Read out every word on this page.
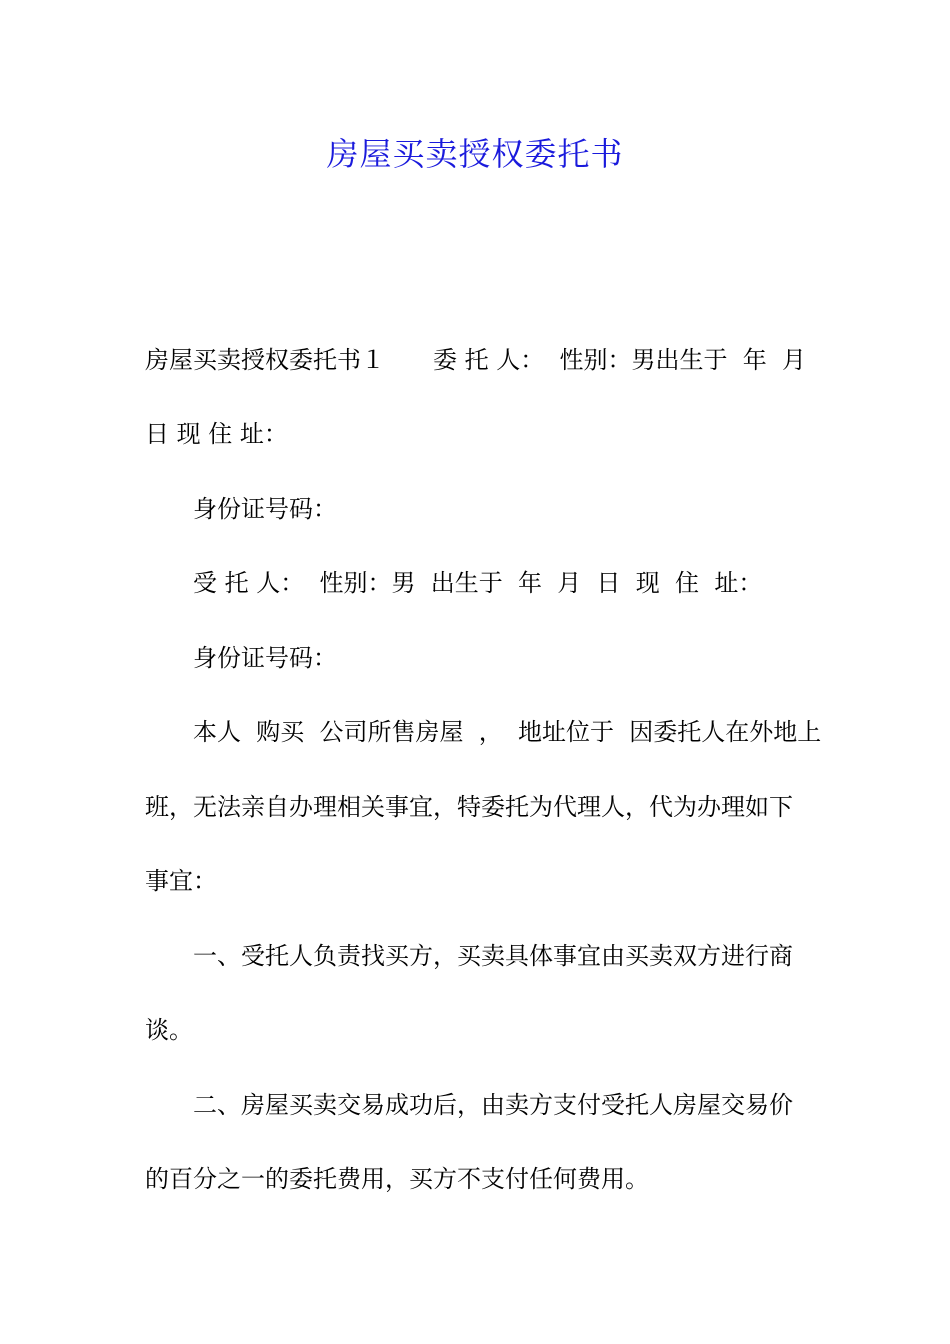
房屋买卖授权委托书
房屋买卖授权委托书１　　委 托 人：  性别：男出生于  年  月
日 现 住 址：
身份证号码：
受 托 人：  性别：男  出生于  年  月  日  现  住  址：
身份证号码：
本人  购买  公司所售房屋  ，  地址位于  因委托人在外地上
班，无法亲自办理相关事宜，特委托为代理人，代为办理如下
事宜：
一、受托人负责找买方，买卖具体事宜由买卖双方进行商
谈。
二、房屋买卖交易成功后，由卖方支付受托人房屋交易价
的百分之一的委托费用，买方不支付任何费用。
